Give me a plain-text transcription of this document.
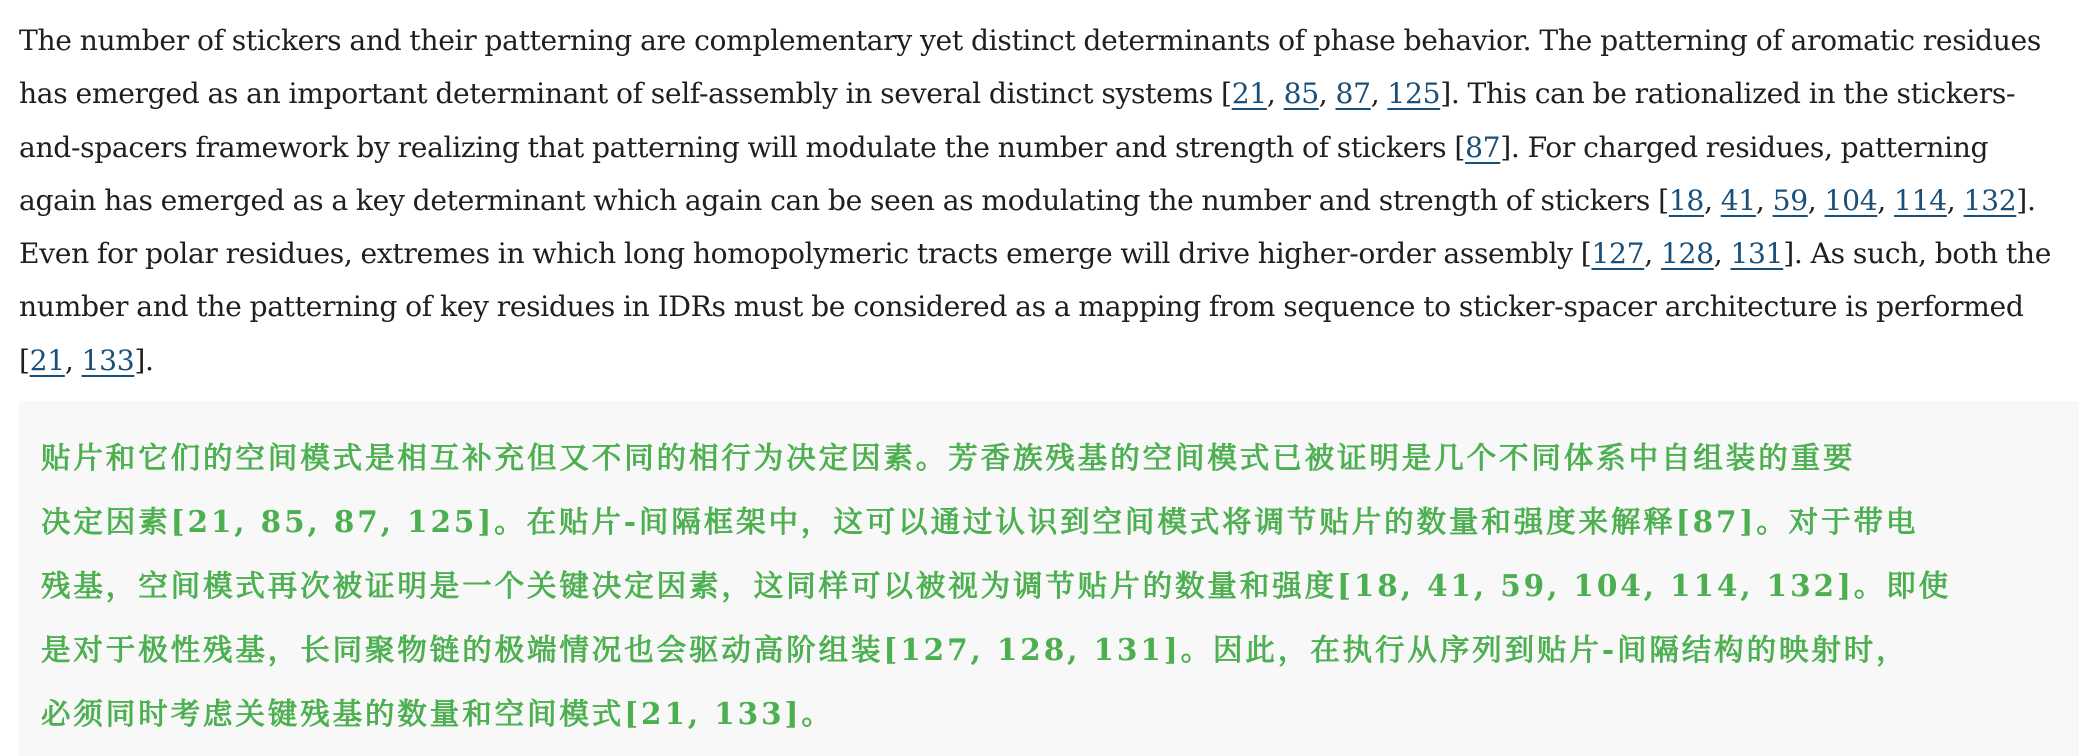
The number of stickers and their patterning are complementary yet distinct determinants of phase behavior. The patterning of aromatic residues
has emerged as an important determinant of self-assembly in several distinct systems [21, 85, 87, 125]. This can be rationalized in the stickers-
and-spacers framework by realizing that patterning will modulate the number and strength of stickers [87]. For charged residues, patterning
again has emerged as a key determinant which again can be seen as modulating the number and strength of stickers [18, 41, 59, 104, 114, 132].
Even for polar residues, extremes in which long homopolymeric tracts emerge will drive higher-order assembly [127, 128, 131]. As such, both the
number and the patterning of key residues in IDRs must be considered as a mapping from sequence to sticker-spacer architecture is performed
[21, 133].

贴片和它们的空间模式是相互补充但又不同的相行为决定因素。芳香族残基的空间模式已被证明是几个不同体系中自组装的重要
决定因素[21, 85, 87, 125]。在贴片-间隔框架中，这可以通过认识到空间模式将调节贴片的数量和强度来解释[87]。对于带电
残基，空间模式再次被证明是一个关键决定因素，这同样可以被视为调节贴片的数量和强度[18, 41, 59, 104, 114, 132]。即使
是对于极性残基，长同聚物链的极端情况也会驱动高阶组装[127, 128, 131]。因此，在执行从序列到贴片-间隔结构的映射时，
必须同时考虑关键残基的数量和空间模式[21, 133]。
